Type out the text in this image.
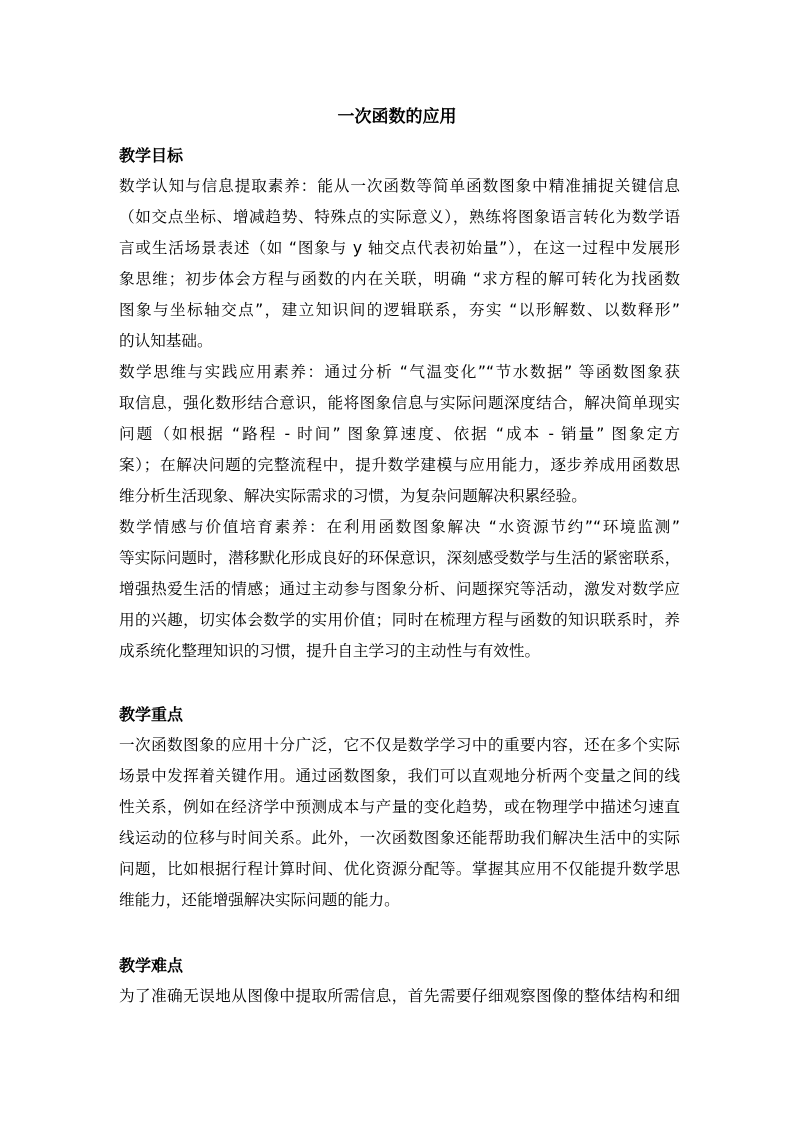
一次函数的应用
教学目标
数学认知与信息提取素养：能从一次函数等简单函数图象中精准捕捉关键信息
（如交点坐标、增减趋势、特殊点的实际意义），熟练将图象语言转化为数学语
言或生活场景表述（如 “图象与 y 轴交点代表初始量”），在这一过程中发展形
象思维；初步体会方程与函数的内在关联，明确 “求方程的解可转化为找函数
图象与坐标轴交点”，建立知识间的逻辑联系，夯实 “以形解数、以数释形”
的认知基础。
数学思维与实践应用素养：通过分析 “气温变化”“节水数据” 等函数图象获
取信息，强化数形结合意识，能将图象信息与实际问题深度结合，解决简单现实
问题（如根据 “路程 - 时间” 图象算速度、依据 “成本 - 销量” 图象定方
案）；在解决问题的完整流程中，提升数学建模与应用能力，逐步养成用函数思
维分析生活现象、解决实际需求的习惯，为复杂问题解决积累经验。
数学情感与价值培育素养：在利用函数图象解决 “水资源节约”“环境监测”
等实际问题时，潜移默化形成良好的环保意识，深刻感受数学与生活的紧密联系，
增强热爱生活的情感；通过主动参与图象分析、问题探究等活动，激发对数学应
用的兴趣，切实体会数学的实用价值；同时在梳理方程与函数的知识联系时，养
成系统化整理知识的习惯，提升自主学习的主动性与有效性。
教学重点
一次函数图象的应用十分广泛，它不仅是数学学习中的重要内容，还在多个实际
场景中发挥着关键作用。通过函数图象，我们可以直观地分析两个变量之间的线
性关系，例如在经济学中预测成本与产量的变化趋势，或在物理学中描述匀速直
线运动的位移与时间关系。此外，一次函数图象还能帮助我们解决生活中的实际
问题，比如根据行程计算时间、优化资源分配等。掌握其应用不仅能提升数学思
维能力，还能增强解决实际问题的能力。
教学难点
为了准确无误地从图像中提取所需信息，首先需要仔细观察图像的整体结构和细
